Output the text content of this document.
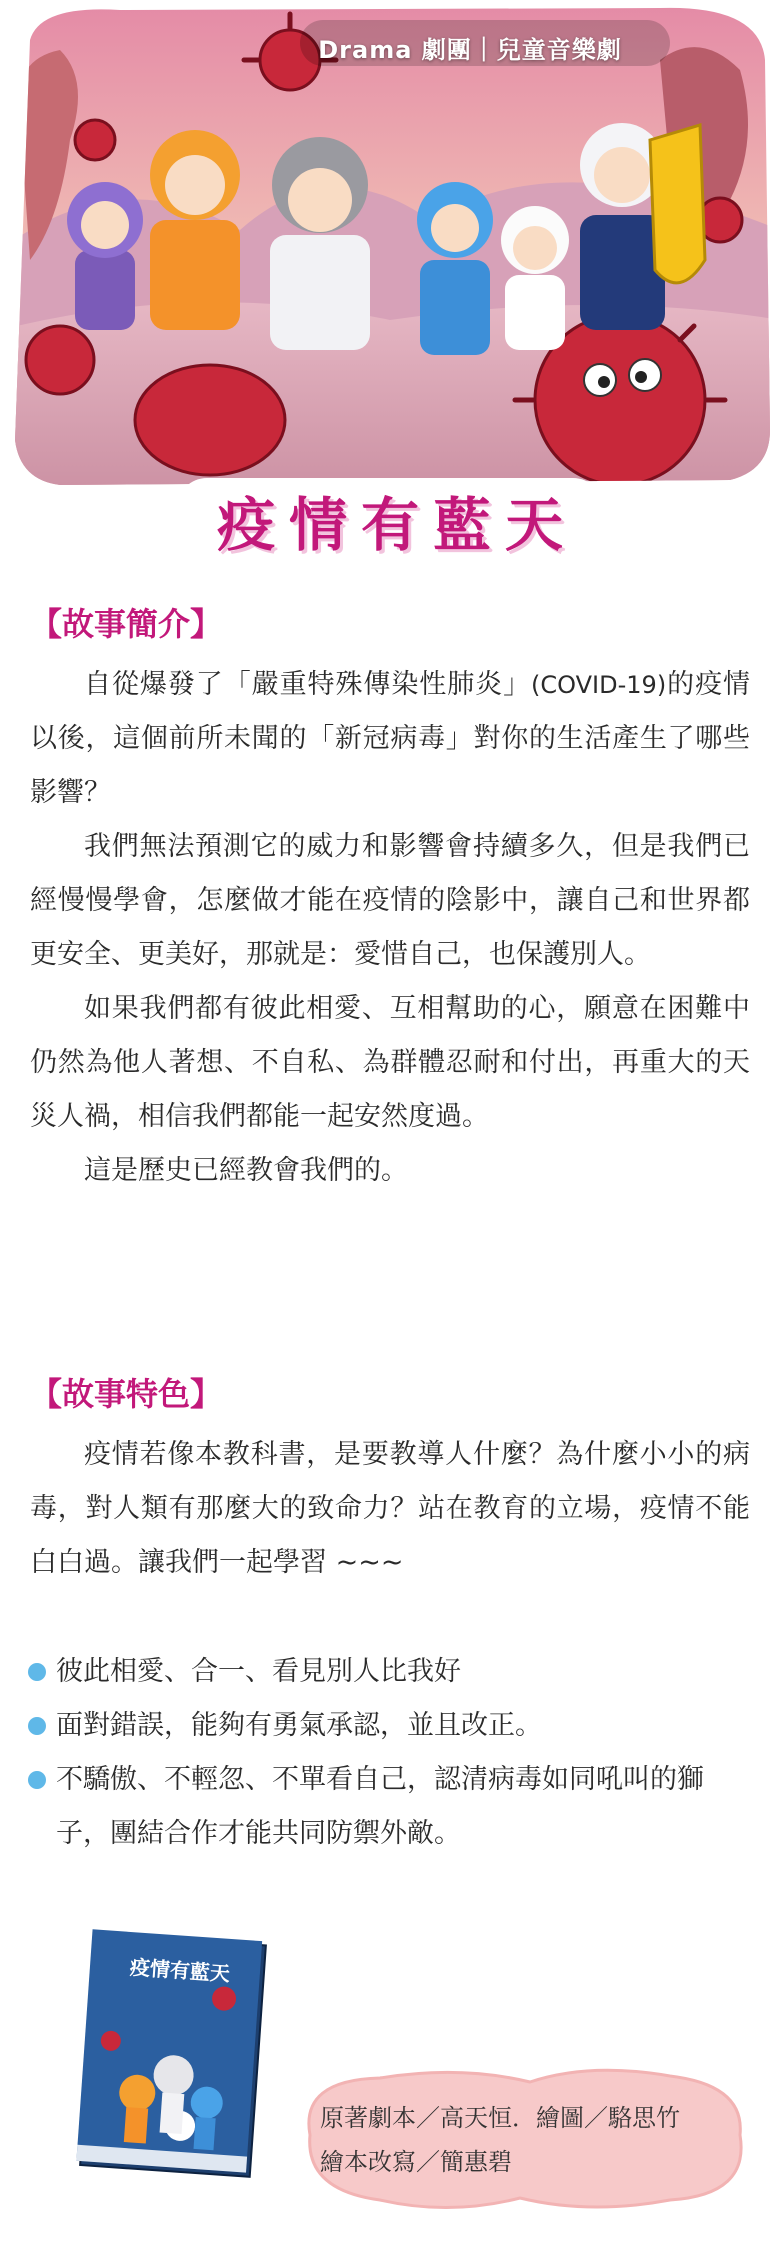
Drama 劇團｜兒童音樂劇
疫情有藍天
【故事簡介】

自從爆發了「嚴重特殊傳染性肺炎」(COVID-19)的疫情以後，這個前所未聞的「新冠病毒」對你的生活產生了哪些影響？

我們無法預測它的威力和影響會持續多久，但是我們已經慢慢學會，怎麼做才能在疫情的陰影中，讓自己和世界都更安全、更美好，那就是：愛惜自己，也保護別人。

如果我們都有彼此相愛、互相幫助的心，願意在困難中仍然為他人著想、不自私、為群體忍耐和付出，再重大的天災人禍，相信我們都能一起安然度過。

這是歷史已經教會我們的。

【故事特色】

疫情若像本教科書，是要教導人什麼？為什麼小小的病毒，對人類有那麼大的致命力？站在教育的立場，疫情不能白白過。讓我們一起學習 ~~~

彼此相愛、合一、看見別人比我好
面對錯誤，能夠有勇氣承認，並且改正。
不驕傲、不輕忽、不單看自己，認清病毒如同吼叫的獅子，團結合作才能共同防禦外敵。
疫情有藍天
原著劇本／高天恒．繪圖／駱思竹
繪本改寫／簡惠碧
